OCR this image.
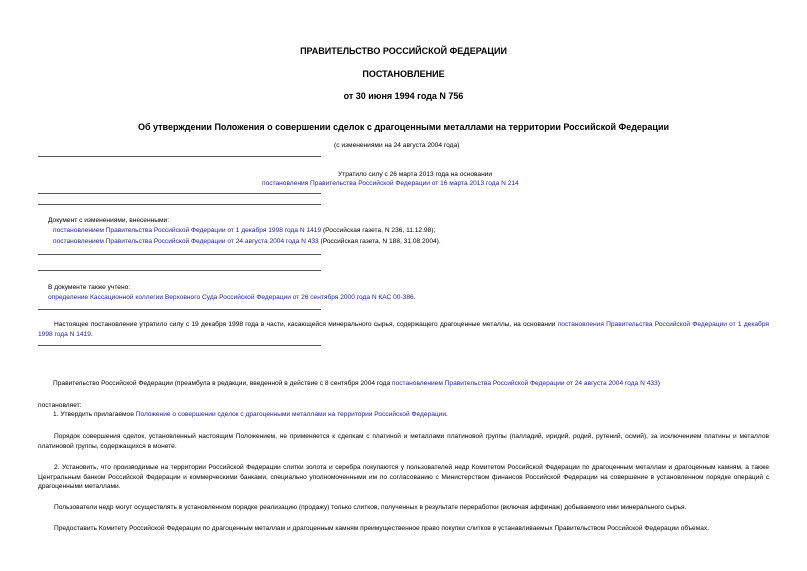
ПРАВИТЕЛЬСТВО РОССИЙСКОЙ ФЕДЕРАЦИИ
ПОСТАНОВЛЕНИЕ
от 30 июня 1994 года N 756
Об утверждении Положения о совершении сделок с драгоценными металлами на территории Российской Федерации
(с изменениями на 24 августа 2004 года)
Утратило силу с 26 марта 2013 года на основании
постановления Правительства Российской Федерации от 16 марта 2013 года N 214
Документ с изменениями, внесенными:
постановлением Правительства Российской Федерации от 1 декабря 1998 года N 1419 (Российская газета, N 236, 11.12.98);
постановлением Правительства Российской Федерации от 24 августа 2004 года N 433 (Российская газета, N 188, 31.08.2004).
В документе также учтено:
определение Кассационной коллегии Верховного Суда Российской Федерации от 26 сентября 2000 года N КАС 00-386.
Настоящее постановление утратило силу с 19 декабря 1998 года в части, касающейся минерального сырья, содержащего драгоценные металлы, на основании постановления Правительства Российской Федерации от 1 декабря 1998 года N 1419.
Правительство Российской Федерации (преамбула в редакции, введенной в действие с 8 сентября 2004 года постановлением Правительства Российской Федерации от 24 августа 2004 года N 433)
постановляет:
1. Утвердить прилагаемое Положение о совершении сделок с драгоценными металлами на территории Российской Федерации.
Порядок совершения сделок, установленный настоящим Положением, не применяется к сделкам с платиной и металлами платиновой группы (палладий, иридий, родий, рутений, осмий), за исключением платины и металлов платиновой группы, содержащихся в монете.
2. Установить, что производимые на территории Российской Федерации слитки золота и серебра покупаются у пользователей недр Комитетом Российской Федерации по драгоценным металлам и драгоценным камням, а также Центральным банком Российской Федерации и коммерческими банками, специально уполномоченными им по согласованию с Министерством финансов Российской Федерации на совершение в установленном порядке операций с драгоценными металлами.
Пользователи недр могут осуществлять в установленном порядке реализацию (продажу) только слитков, полученных в результате переработки (включая аффинаж) добываемого ими минерального сырья.
Предоставить Комитету Российской Федерации по драгоценным металлам и драгоценным камням преимущественное право покупки слитков в устанавливаемых Правительством Российской Федерации объемах.
